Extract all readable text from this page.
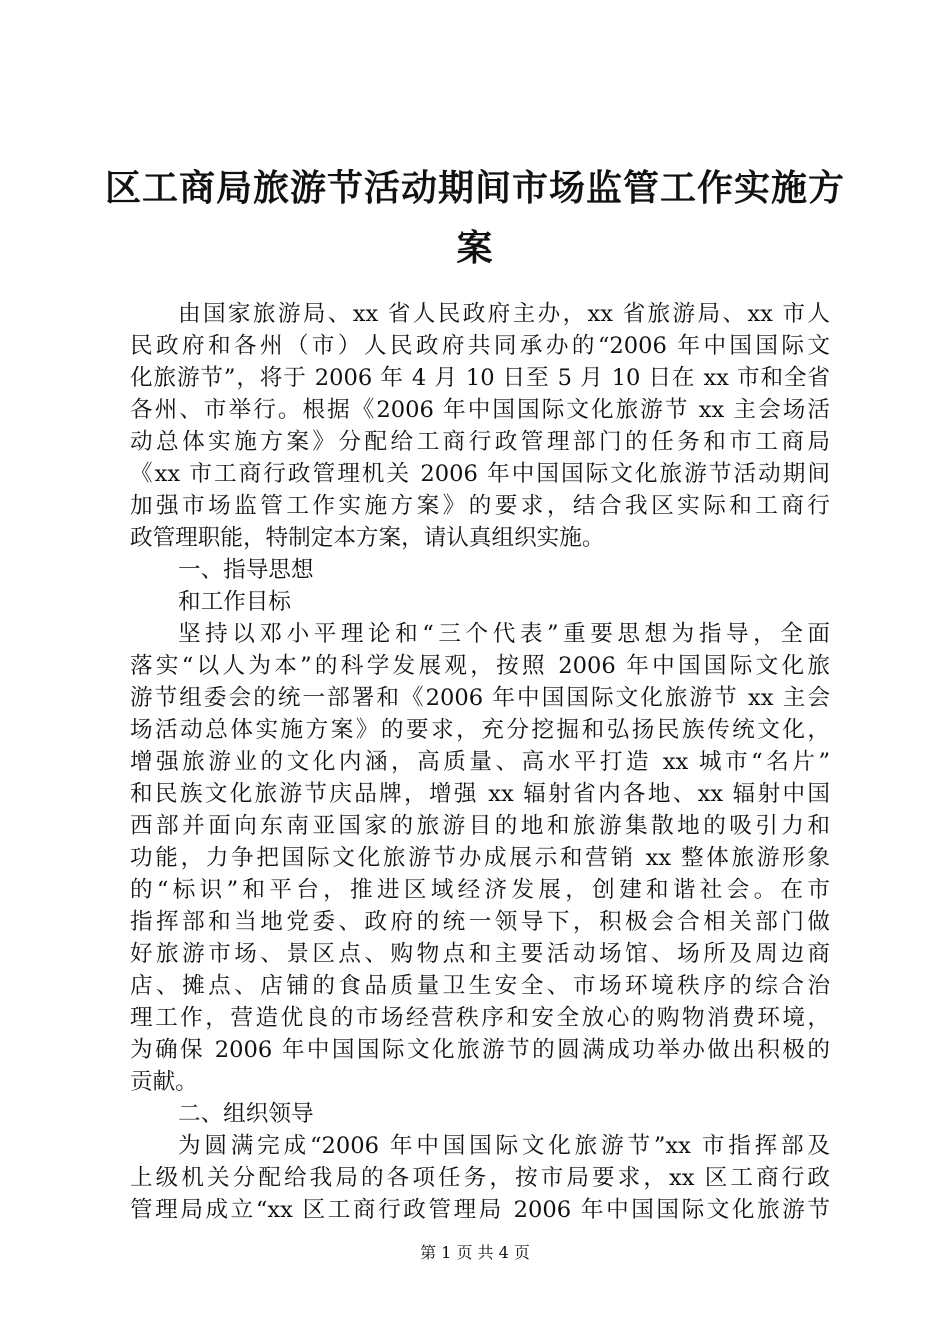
区工商局旅游节活动期间市场监管工作实施方
案
由国家旅游局、xx 省人民政府主办，xx 省旅游局、xx 市人
民政府和各州（市）人民政府共同承办的“2006 年中国国际文
化旅游节”，将于 2006 年 4 月 10 日至 5 月 10 日在 xx 市和全省
各州、市举行。根据《2006 年中国国际文化旅游节 xx 主会场活
动总体实施方案》分配给工商行政管理部门的任务和市工商局
《xx 市工商行政管理机关 2006 年中国国际文化旅游节活动期间
加强市场监管工作实施方案》的要求，结合我区实际和工商行
政管理职能，特制定本方案，请认真组织实施。
一、指导思想
和工作目标
坚持以邓小平理论和“三个代表”重要思想为指导，全面
落实“以人为本”的科学发展观，按照 2006 年中国国际文化旅
游节组委会的统一部署和《2006 年中国国际文化旅游节 xx 主会
场活动总体实施方案》的要求，充分挖掘和弘扬民族传统文化，
增强旅游业的文化内涵，高质量、高水平打造 xx 城市“名片”
和民族文化旅游节庆品牌，增强 xx 辐射省内各地、xx 辐射中国
西部并面向东南亚国家的旅游目的地和旅游集散地的吸引力和
功能，力争把国际文化旅游节办成展示和营销 xx 整体旅游形象
的“标识”和平台，推进区域经济发展，创建和谐社会。在市
指挥部和当地党委、政府的统一领导下，积极会合相关部门做
好旅游市场、景区点、购物点和主要活动场馆、场所及周边商
店、摊点、店铺的食品质量卫生安全、市场环境秩序的综合治
理工作，营造优良的市场经营秩序和安全放心的购物消费环境，
为确保 2006 年中国国际文化旅游节的圆满成功举办做出积极的
贡献。
二、组织领导
为圆满完成“2006 年中国国际文化旅游节”xx 市指挥部及
上级机关分配给我局的各项任务，按市局要求，xx 区工商行政
管理局成立“xx 区工商行政管理局 2006 年中国国际文化旅游节
第 1 页 共 4 页
